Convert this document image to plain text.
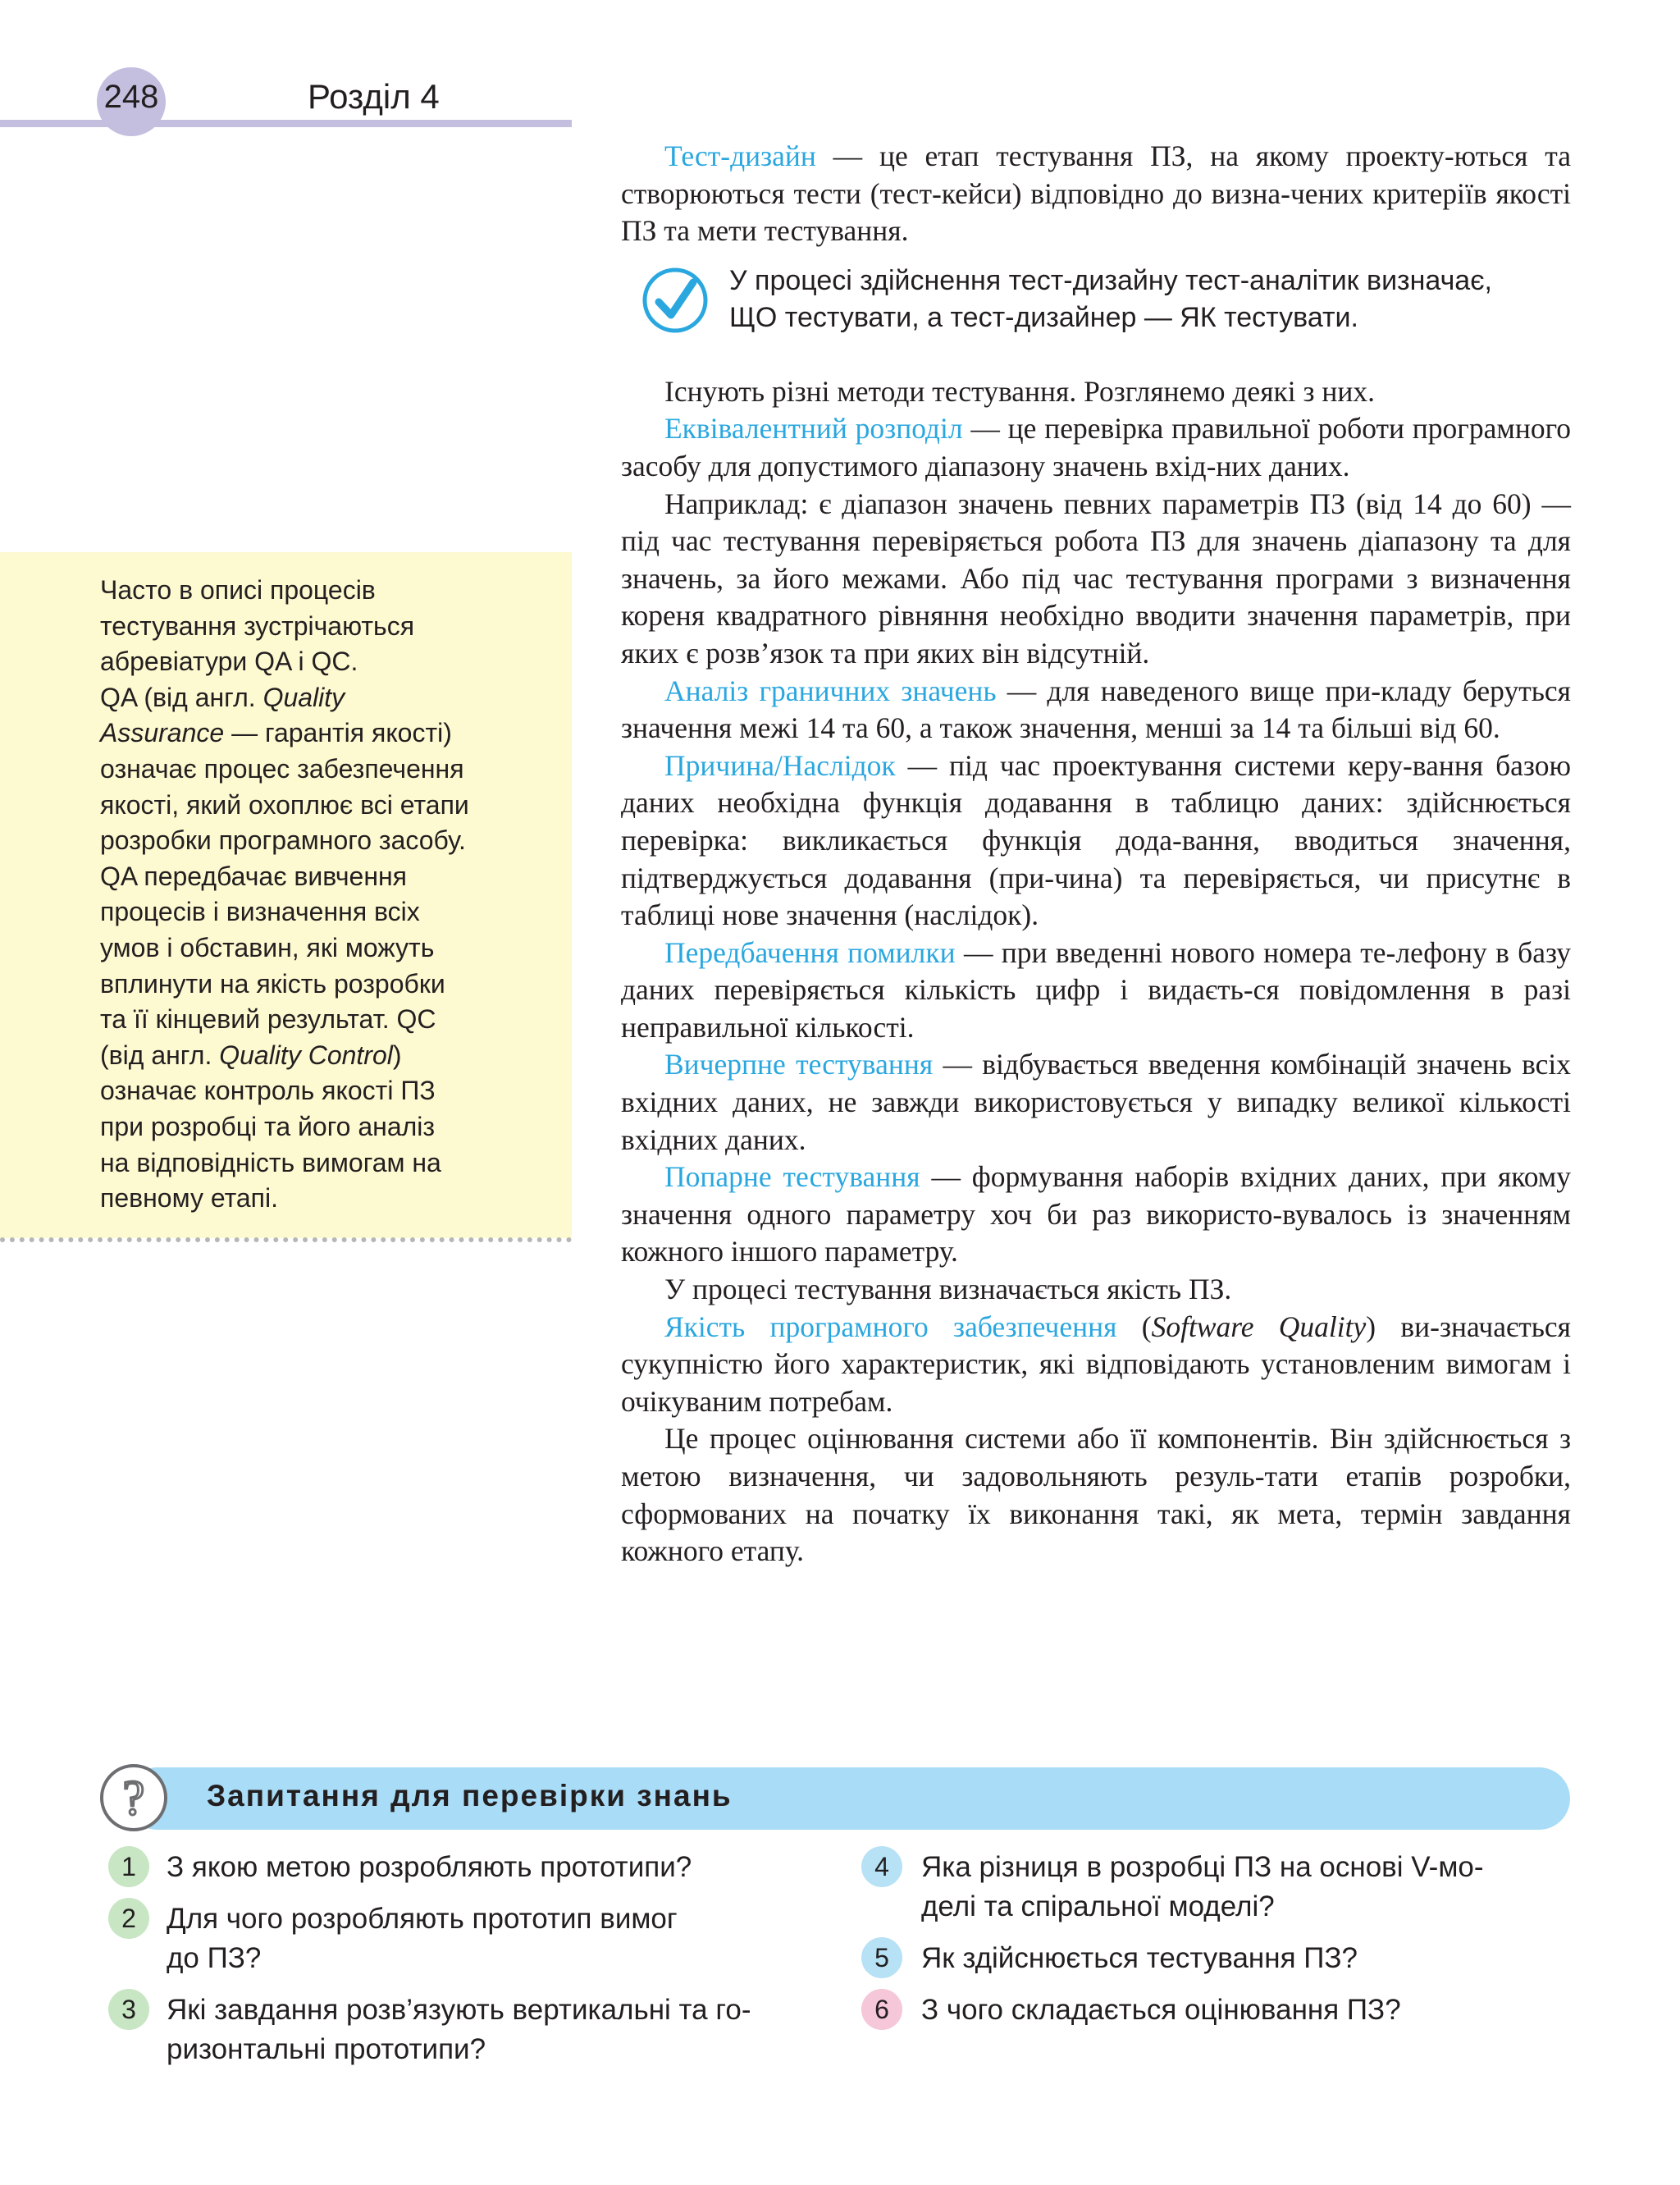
248	Розділ 4
Часто в описі процесів
тестування зустрічаються
абревіатури QA і QC.
QA (від англ. Quality
Assurance — гарантія якості)
означає процес забезпечення
якості, який охоплює всі етапи
розробки програмного засобу.
QA передбачає вивчення
процесів і визначення всіх
умов і обставин, які можуть
вплинути на якість розробки
та її кінцевий результат. QC
(від англ. Quality Control)
означає контроль якості ПЗ
при розробці та його аналіз
на відповідність вимогам на
певному етапі.
У процесі здійснення тест-дизайну тест-аналітик визначає,
ЩО тестувати, а тест-дизайнер — ЯК тестувати.

Тест-дизайн — це етап тестування ПЗ, на якому проекту-ються та створюються тести (тест-кейси) відповідно до визна-чених критеріїв якості ПЗ та мети тестування.

Існують різні методи тестування. Розглянемо деякі з них.

Еквівалентний розподіл — це перевірка правильної роботи програмного засобу для допустимого діапазону значень вхід-них даних.

Наприклад: є діапазон значень певних параметрів ПЗ (від 14 до 60) — під час тестування перевіряється робота ПЗ для значень діапазону та для значень, за його межами. Або під час тестування програми з визначення кореня квадратного рівняння необхідно вводити значення параметрів, при яких є розв’язок та при яких він відсутній.

Аналіз граничних значень — для наведеного вище при-кладу беруться значення межі 14 та 60, а також значення, менші за 14 та більші від 60.

Причина/Наслідок — під час проектування системи керу-вання базою даних необхідна функція додавання в таблицю даних: здійснюється перевірка: викликається функція дода-вання, вводиться значення, підтверджується додавання (при-чина) та перевіряється, чи присутнє в таблиці нове значення (наслідок).

Передбачення помилки — при введенні нового номера те-лефону в базу даних перевіряється кількість цифр і видаєть-ся повідомлення в разі неправильної кількості.

Вичерпне тестування — відбувається введення комбінацій значень всіх вхідних даних, не завжди використовується у випадку великої кількості вхідних даних.

Попарне тестування — формування наборів вхідних даних, при якому значення одного параметру хоч би раз використо-вувалось із значенням кожного іншого параметру.

У процесі тестування визначається якість ПЗ.

Якість програмного забезпечення (Software Quality) ви-значається сукупністю його характеристик, які відповідають установленим вимогам і очікуваним потребам.

Це процес оцінювання системи або її компонентів. Він здійснюється з метою визначення, чи задовольняють резуль-тати етапів розробки, сформованих на початку їх виконання такі, як мета, термін завдання кожного етапу.

? Запитання для перевірки знань
1	З якою метою розробляють прототипи?
2	Для чого розробляють прототип вимог
до ПЗ?
3	Які завдання розв’язують вертикальні та го-
ризонтальні прототипи?
4	Яка різниця в розробці ПЗ на основі V-мо-
делі та спіральної моделі?
5	Як здійснюється тестування ПЗ?
6	З чого складається оцінювання ПЗ?
